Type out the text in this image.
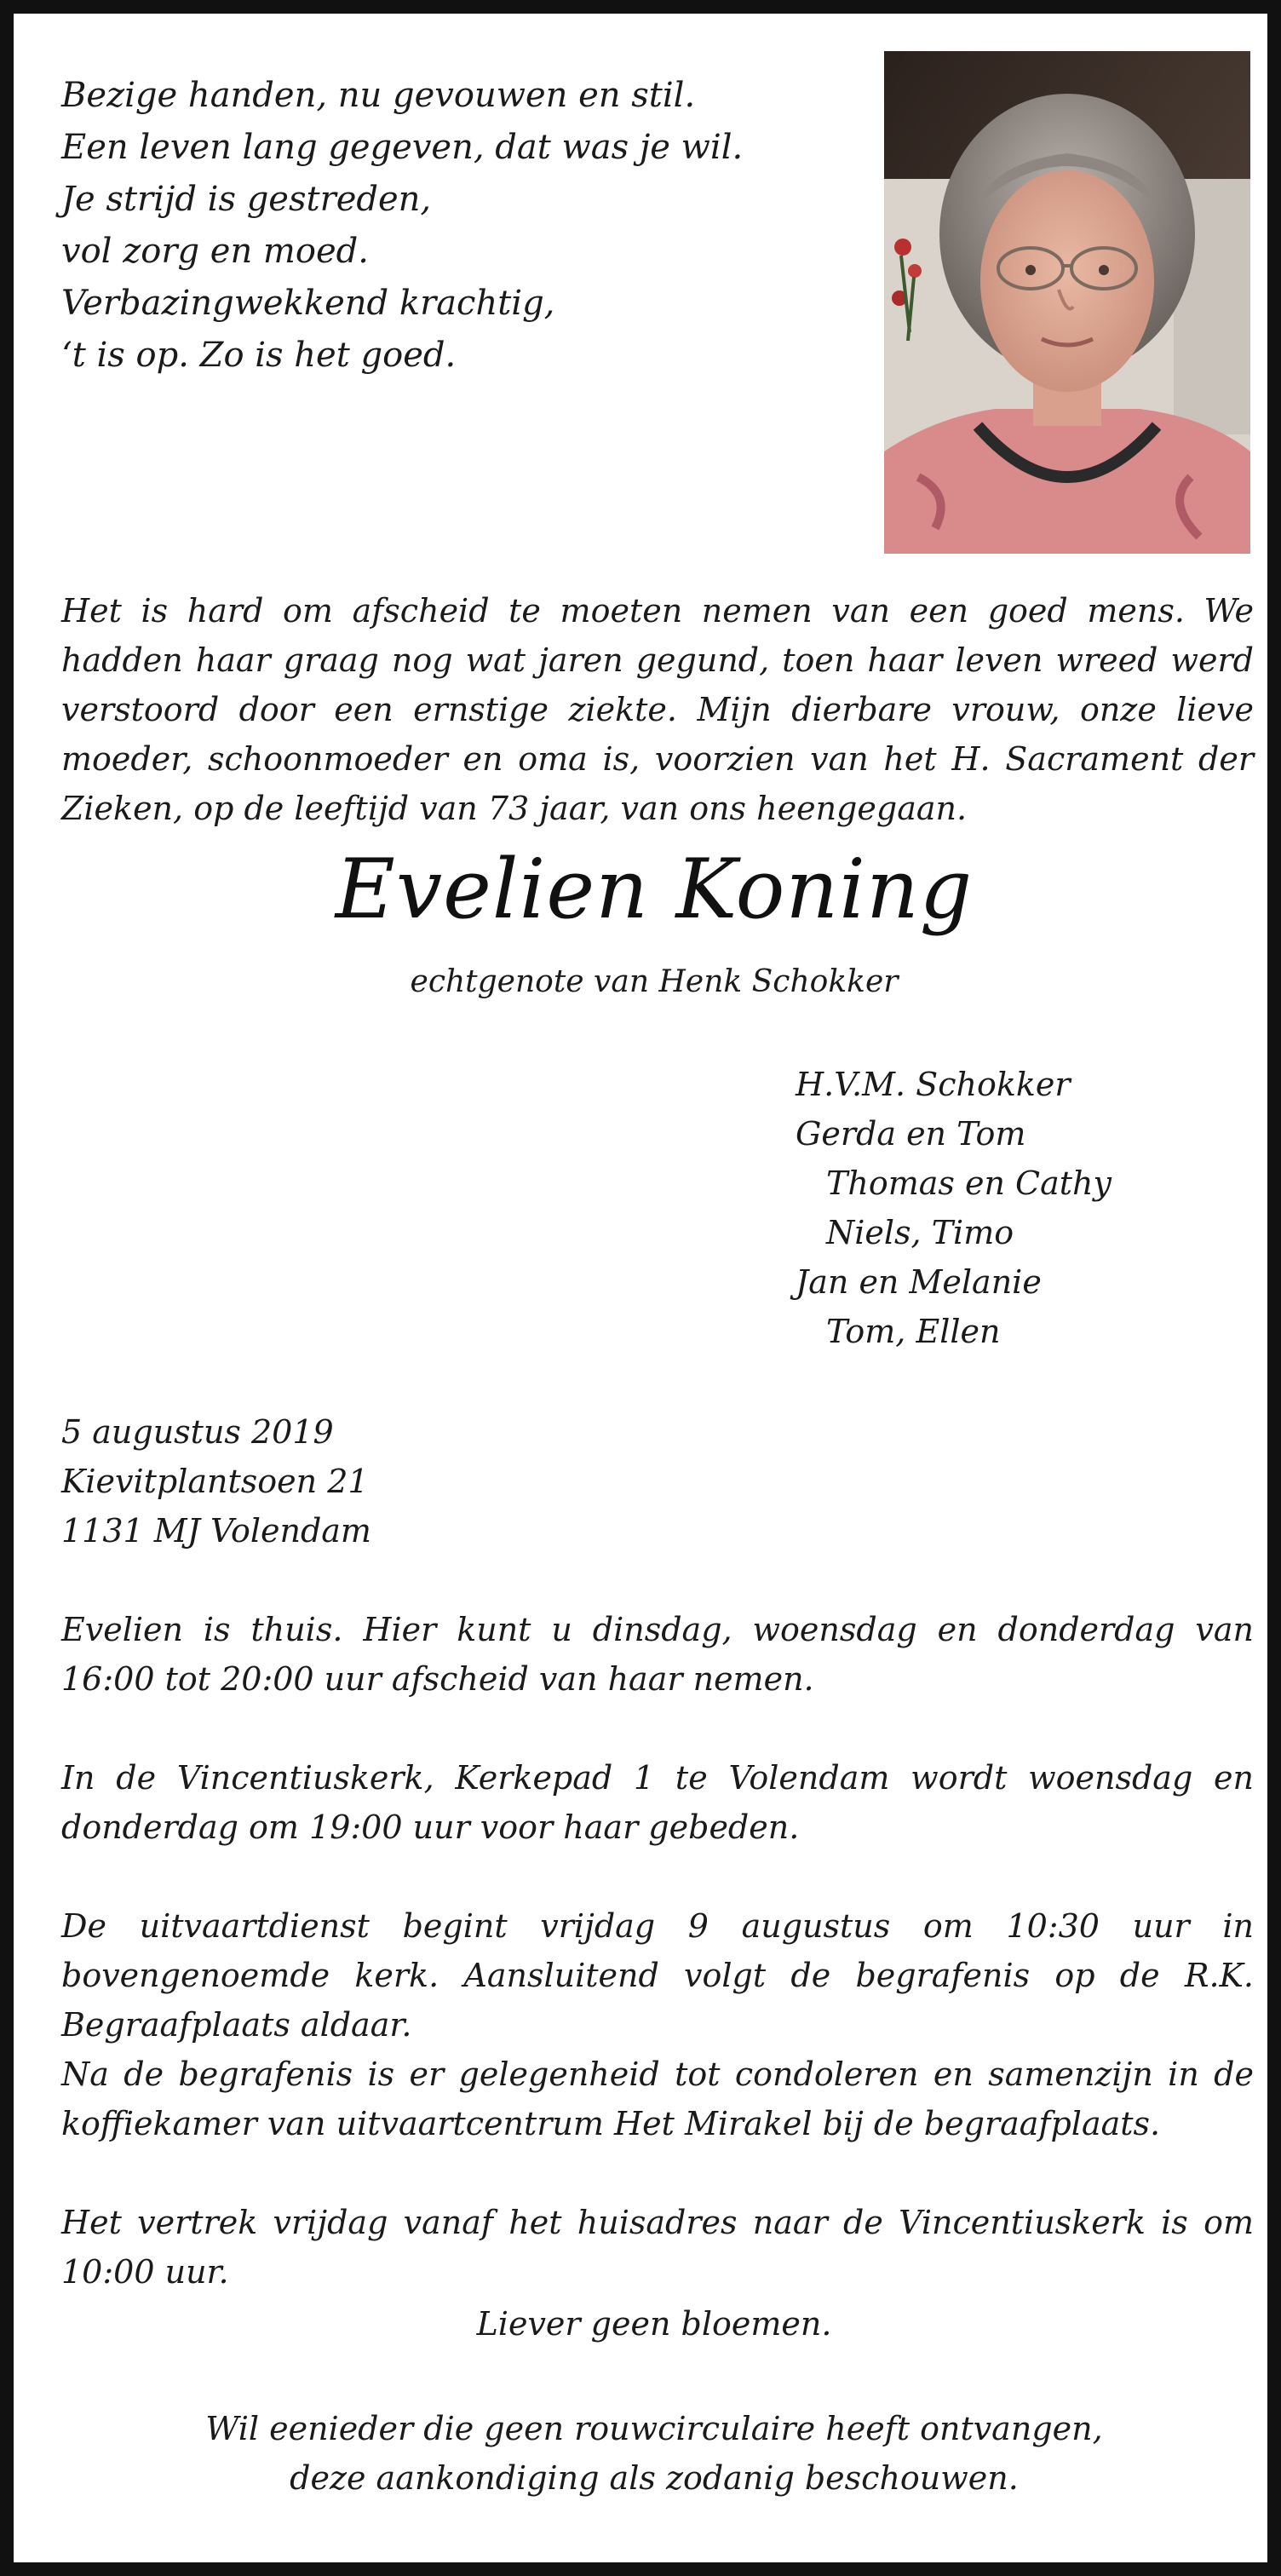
Bezige handen, nu gevouwen en stil.
Een leven lang gegeven, dat was je wil.
Je strijd is gestreden,
vol zorg en moed.
Verbazingwekkend krachtig,
‘t is op. Zo is het goed.
Het is hard om afscheid te moeten nemen van een goed mens. We hadden haar graag nog wat jaren gegund, toen haar leven wreed werd verstoord door een ernstige ziekte. Mijn dierbare vrouw, onze lieve moeder, schoonmoeder en oma is, voorzien van het H. Sacrament der Zieken, op de leeftijd van 73 jaar, van ons heengegaan.
Evelien Koning
echtgenote van Henk Schokker
H.V.M. Schokker
Gerda en Tom
Thomas en Cathy
Niels, Timo
Jan en Melanie
Tom, Ellen
5 augustus 2019
Kievitplantsoen 21
1131 MJ Volendam
Evelien is thuis. Hier kunt u dinsdag, woensdag en donderdag van 16:00 tot 20:00 uur afscheid van haar nemen.
In de Vincentiuskerk, Kerkepad 1 te Volendam wordt woensdag en donderdag om 19:00 uur voor haar gebeden.
De uitvaartdienst begint vrijdag 9 augustus om 10:30 uur in bovengenoemde kerk. Aansluitend volgt de begrafenis op de R.K. Begraafplaats aldaar.
Na de begrafenis is er gelegenheid tot condoleren en samenzijn in de koffiekamer van uitvaartcentrum Het Mirakel bij de begraafplaats.
Het vertrek vrijdag vanaf het huisadres naar de Vincentiuskerk is om 10:00 uur.
Liever geen bloemen.
Wil eenieder die geen rouwcirculaire heeft ontvangen,
deze aankondiging als zodanig beschouwen.
